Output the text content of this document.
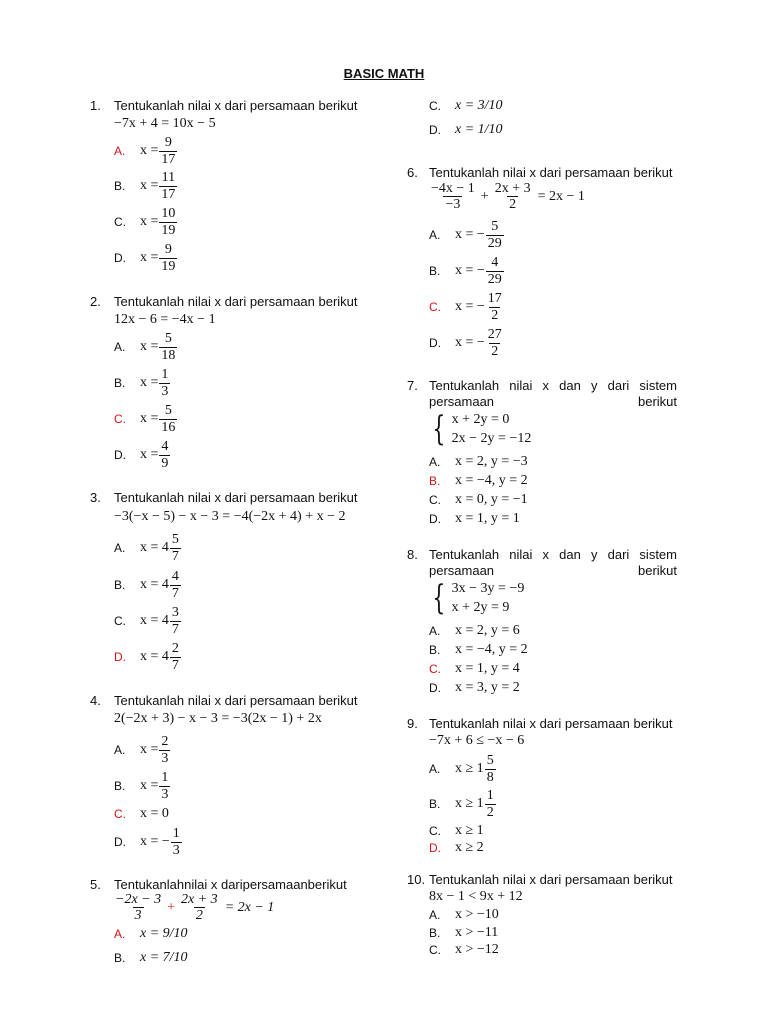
BASIC MATH
1. Tentukanlah nilai x dari persamaan berikut
−7x + 4 = 10x − 5
A.	$x = \frac{9}{17}$
B.	$x = \frac{11}{17}$
C.	$x = \frac{10}{19}$
D.	$x = \frac{9}{19}$
2. Tentukanlah nilai x dari persamaan berikut
12x − 6 = −4x − 1
A.	$x = \frac{5}{18}$
B.	$x = \frac{1}{3}$
C.	$x = \frac{5}{16}$
D.	$x = \frac{4}{9}$
3. Tentukanlah nilai x dari persamaan berikut
−3(−x − 5) − x − 3 = −4(−2x + 4) + x − 2
A.	$x = 4 \frac{5}{7}$
B.	$x = 4 \frac{4}{7}$
C.	$x = 4 \frac{3}{7}$
D.	$x = 4 \frac{2}{7}$
4. Tentukanlah nilai x dari persamaan berikut
2(−2x + 3) − x − 3 = −3(2x − 1) + 2x
A.	$x = \frac{2}{3}$
B.	$x = \frac{1}{3}$
C.	x = 0
D.	x = − $\frac{1}{3}$
5. Tentukanlahnilai x daripersamaanberikut
$\frac{-2x - 3}{3} + \frac{2x + 3}{2} = 2x - 1$
A.	x = 9/10
B.	x = 7/10
C.	x = 3/10
D.	x = 1/10
6. Tentukanlah nilai x dari persamaan berikut
$\frac{-4x - 1}{-3} + \frac{2x + 3}{2} = 2x - 1$
A.	x = − $\frac{5}{29}$
B.	x = − $\frac{4}{29}$
C.	x = − $\frac{17}{2}$
D.	x = − $\frac{27}{2}$
7. Tentukanlah nilai x dan y dari sistem persamaan berikut
{ x + 2y = 0
2x − 2y = −12
A.	x = 2, y = −3
B.	x = −4, y = 2
C.	x = 0, y = −1
D.	x = 1, y = 1
8. Tentukanlah nilai x dan y dari sistem persamaan berikut
{ 3x − 3y = −9
x + 2y = 9
A.	x = 2, y = 6
B.	x = −4, y = 2
C.	x = 1, y = 4
D.	x = 3, y = 2
9. Tentukanlah nilai x dari persamaan berikut
−7x + 6 ≤ −x − 6
A.	$x \ge 1 \frac{5}{8}$
B.	$x \ge 1 \frac{1}{2}$
C.	x ≥ 1
D.	x ≥ 2
10. Tentukanlah nilai x dari persamaan berikut
8x − 1 < 9x + 12
A.	x > −10
B.	x > −11
C.	x > −12
